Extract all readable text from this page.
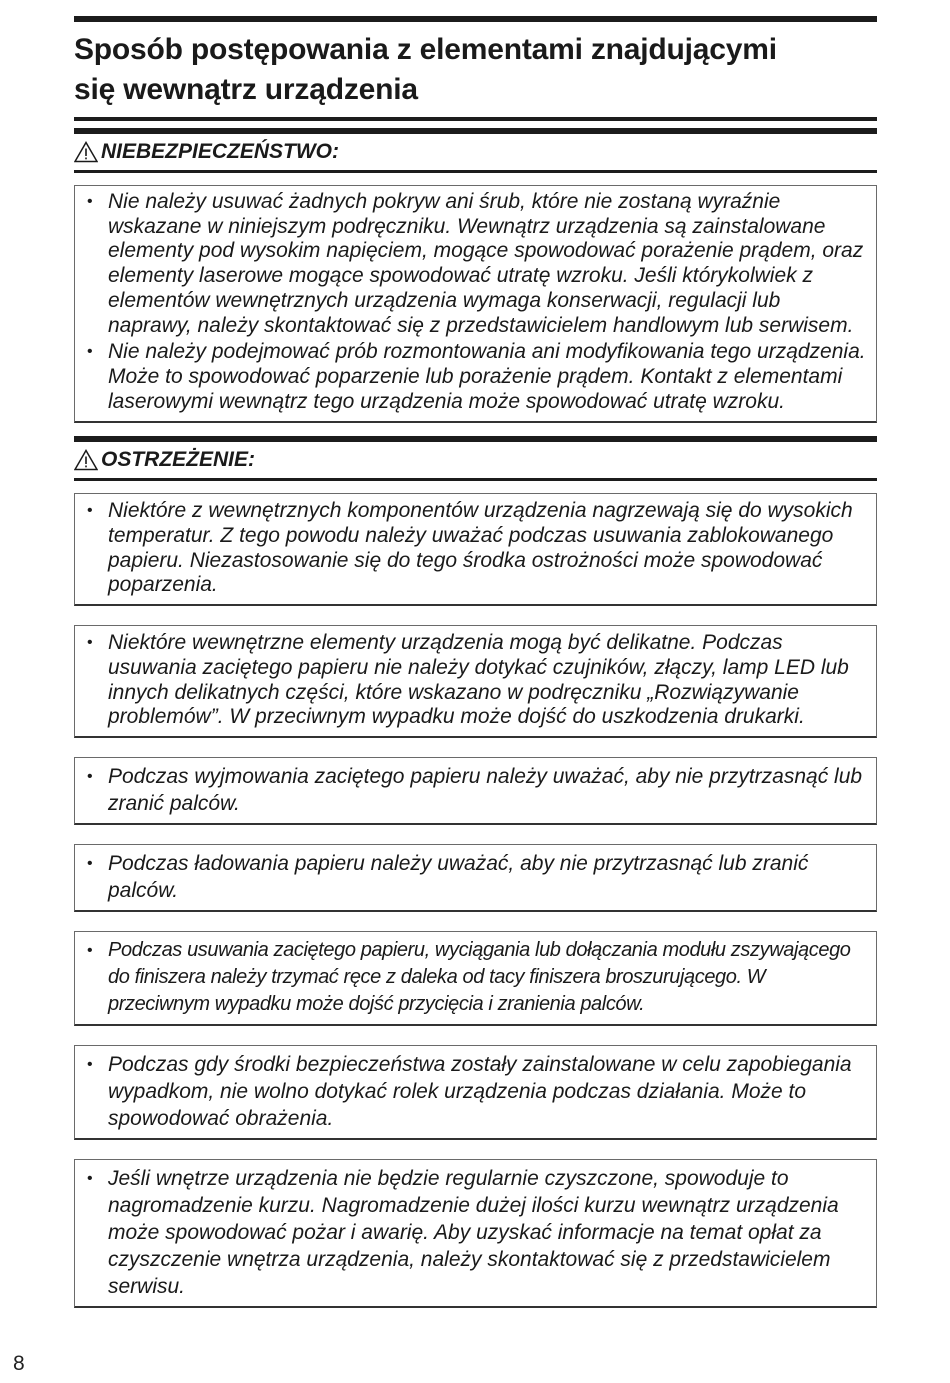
Sposób postępowania z elementami znajdującymi
się wewnątrz urządzenia
NIEBEZPIECZEŃSTWO:
• Nie należy usuwać żadnych pokryw ani śrub, które nie zostaną wyraźnie wskazane w niniejszym podręczniku. Wewnątrz urządzenia są zainstalowane elementy pod wysokim napięciem, mogące spowodować porażenie prądem, oraz elementy laserowe mogące spowodować utratę wzroku. Jeśli którykolwiek z elementów wewnętrznych urządzenia wymaga konserwacji, regulacji lub naprawy, należy skontaktować się z przedstawicielem handlowym lub serwisem.
• Nie należy podejmować prób rozmontowania ani modyfikowania tego urządzenia. Może to spowodować poparzenie lub porażenie prądem. Kontakt z elementami laserowymi wewnątrz tego urządzenia może spowodować utratę wzroku.
OSTRZEŻENIE:
• Niektóre z wewnętrznych komponentów urządzenia nagrzewają się do wysokich temperatur. Z tego powodu należy uważać podczas usuwania zablokowanego papieru. Niezastosowanie się do tego środka ostrożności może spowodować poparzenia.
• Niektóre wewnętrzne elementy urządzenia mogą być delikatne. Podczas usuwania zaciętego papieru nie należy dotykać czujników, złączy, lamp LED lub innych delikatnych części, które wskazano w podręczniku „Rozwiązywanie problemów”. W przeciwnym wypadku może dojść do uszkodzenia drukarki.
• Podczas wyjmowania zaciętego papieru należy uważać, aby nie przytrzasnąć lub zranić palców.
• Podczas ładowania papieru należy uważać, aby nie przytrzasnąć lub zranić palców.
• Podczas usuwania zaciętego papieru, wyciągania lub dołączania modułu zszywającego do finiszera należy trzymać ręce z daleka od tacy finiszera broszurującego. W przeciwnym wypadku może dojść przycięcia i zranienia palców.
• Podczas gdy środki bezpieczeństwa zostały zainstalowane w celu zapobiegania wypadkom, nie wolno dotykać rolek urządzenia podczas działania. Może to spowodować obrażenia.
• Jeśli wnętrze urządzenia nie będzie regularnie czyszczone, spowoduje to nagromadzenie kurzu. Nagromadzenie dużej ilości kurzu wewnątrz urządzenia może spowodować pożar i awarię. Aby uzyskać informacje na temat opłat za czyszczenie wnętrza urządzenia, należy skontaktować się z przedstawicielem serwisu.
8
